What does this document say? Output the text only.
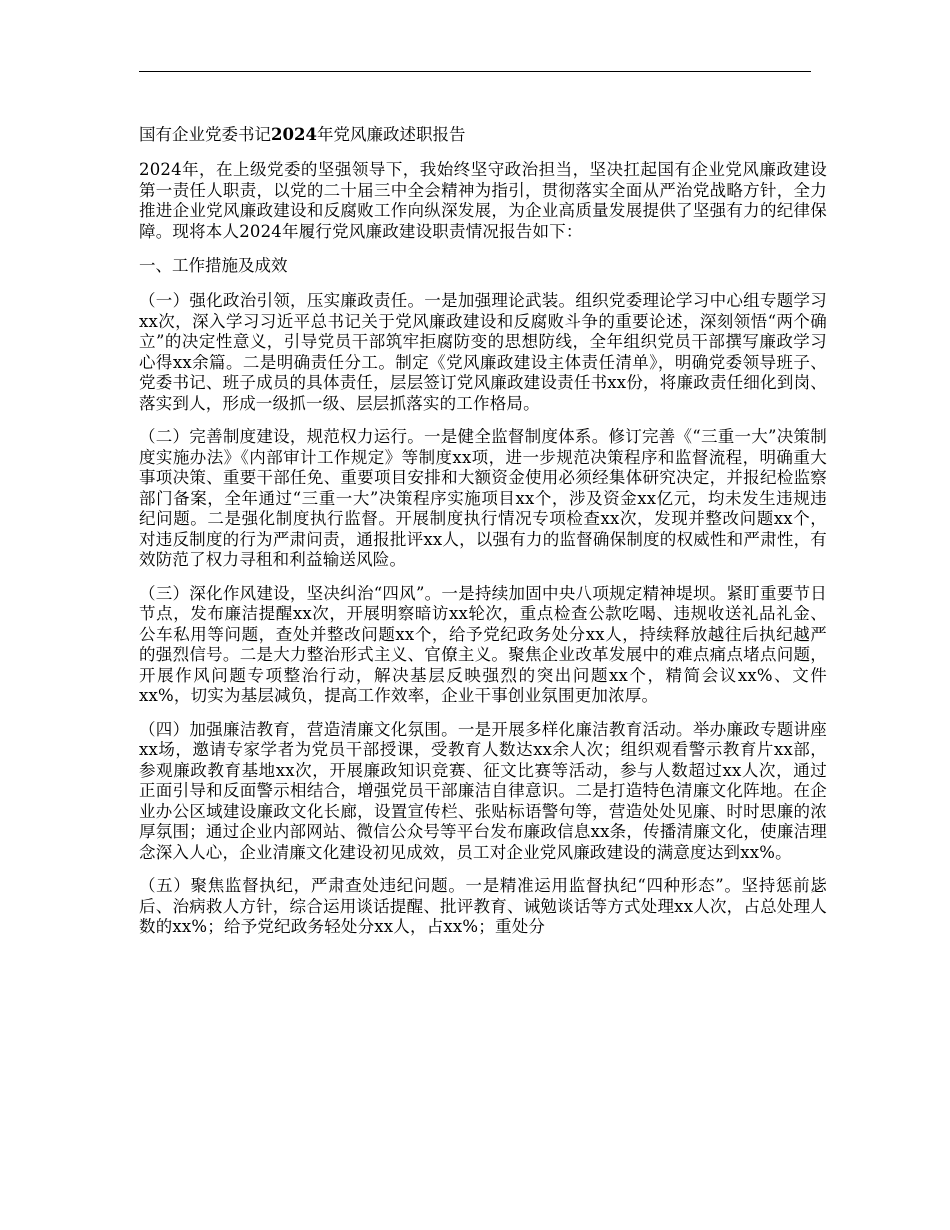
国有企业党委书记2024年党风廉政述职报告

2024年，在上级党委的坚强领导下，我始终坚守政治担当，坚决扛起国有企业党风廉政建设第一责任人职责，以党的二十届三中全会精神为指引，贯彻落实全面从严治党战略方针，全力推进企业党风廉政建设和反腐败工作向纵深发展，为企业高质量发展提供了坚强有力的纪律保障。现将本人2024年履行党风廉政建设职责情况报告如下：

一、工作措施及成效

（一）强化政治引领，压实廉政责任。一是加强理论武装。组织党委理论学习中心组专题学习xx次，深入学习习近平总书记关于党风廉政建设和反腐败斗争的重要论述，深刻领悟“两个确立”的决定性意义，引导党员干部筑牢拒腐防变的思想防线，全年组织党员干部撰写廉政学习心得xx余篇。二是明确责任分工。制定《党风廉政建设主体责任清单》，明确党委领导班子、党委书记、班子成员的具体责任，层层签订党风廉政建设责任书xx份，将廉政责任细化到岗、落实到人，形成一级抓一级、层层抓落实的工作格局。

（二）完善制度建设，规范权力运行。一是健全监督制度体系。修订完善《“三重一大”决策制度实施办法》《内部审计工作规定》等制度xx项，进一步规范决策程序和监督流程，明确重大事项决策、重要干部任免、重要项目安排和大额资金使用必须经集体研究决定，并报纪检监察部门备案，全年通过“三重一大”决策程序实施项目xx个，涉及资金xx亿元，均未发生违规违纪问题。二是强化制度执行监督。开展制度执行情况专项检查xx次，发现并整改问题xx个，对违反制度的行为严肃问责，通报批评xx人，以强有力的监督确保制度的权威性和严肃性，有效防范了权力寻租和利益输送风险。

（三）深化作风建设，坚决纠治“四风”。一是持续加固中央八项规定精神堤坝。紧盯重要节日节点，发布廉洁提醒xx次，开展明察暗访xx轮次，重点检查公款吃喝、违规收送礼品礼金、公车私用等问题，查处并整改问题xx个，给予党纪政务处分xx人，持续释放越往后执纪越严的强烈信号。二是大力整治形式主义、官僚主义。聚焦企业改革发展中的难点痛点堵点问题，开展作风问题专项整治行动，解决基层反映强烈的突出问题xx个，精简会议xx%、文件xx%，切实为基层减负，提高工作效率，企业干事创业氛围更加浓厚。

（四）加强廉洁教育，营造清廉文化氛围。一是开展多样化廉洁教育活动。举办廉政专题讲座xx场，邀请专家学者为党员干部授课，受教育人数达xx余人次；组织观看警示教育片xx部，参观廉政教育基地xx次，开展廉政知识竞赛、征文比赛等活动，参与人数超过xx人次，通过正面引导和反面警示相结合，增强党员干部廉洁自律意识。二是打造特色清廉文化阵地。在企业办公区域建设廉政文化长廊，设置宣传栏、张贴标语警句等，营造处处见廉、时时思廉的浓厚氛围；通过企业内部网站、微信公众号等平台发布廉政信息xx条，传播清廉文化，使廉洁理念深入人心，企业清廉文化建设初见成效，员工对企业党风廉政建设的满意度达到xx%。

（五）聚焦监督执纪，严肃查处违纪问题。一是精准运用监督执纪“四种形态”。坚持惩前毖后、治病救人方针，综合运用谈话提醒、批评教育、诫勉谈话等方式处理xx人次，占总处理人数的xx%；给予党纪政务轻处分xx人，占xx%；重处分
